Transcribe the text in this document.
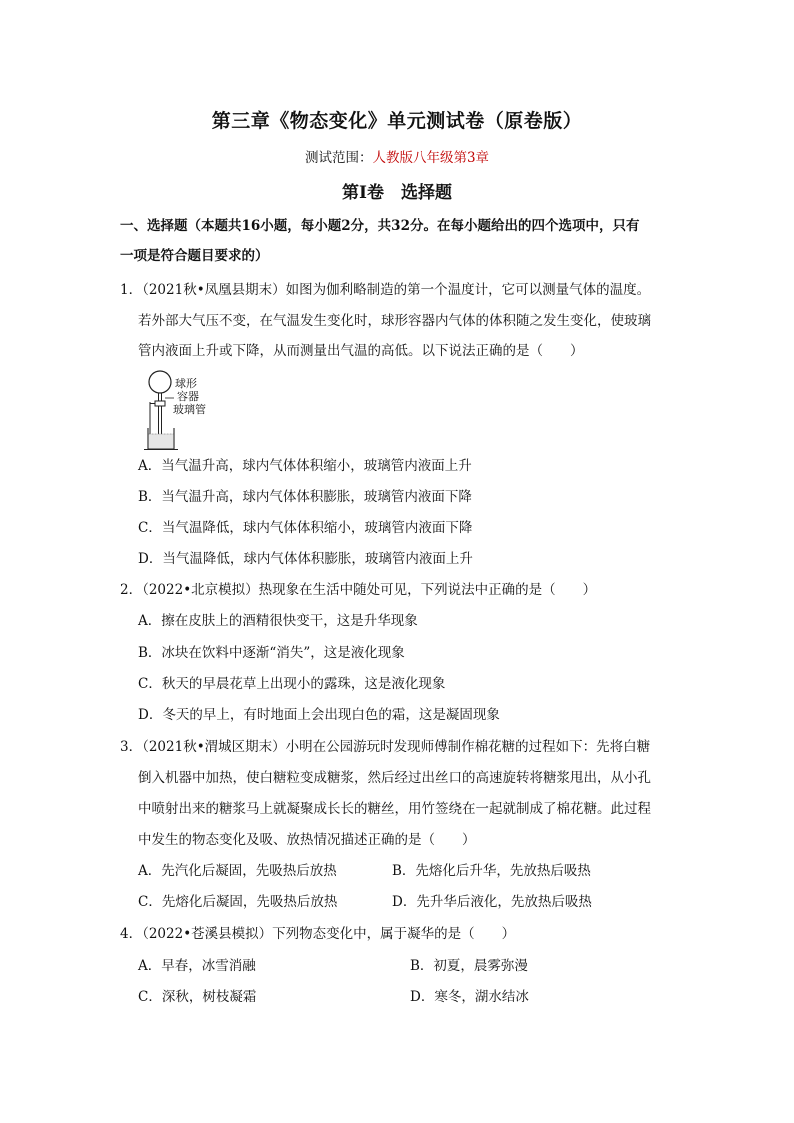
第三章《物态变化》单元测试卷（原卷版）
测试范围：人教版八年级第3章
第Ⅰ卷　选择题
一、选择题（本题共16小题，每小题2分，共32分。在每小题给出的四个选项中，只有
一项是符合题目要求的）
1．（2021秋•凤凰县期末）如图为伽利略制造的第一个温度计，它可以测量气体的温度。
若外部大气压不变，在气温发生变化时，球形容器内气体的体积随之发生变化，使玻璃
管内液面上升或下降，从而测量出气温的高低。以下说法正确的是（　　）
球形
容器
玻璃管
A．当气温升高，球内气体体积缩小，玻璃管内液面上升
B．当气温升高，球内气体体积膨胀，玻璃管内液面下降
C．当气温降低，球内气体体积缩小，玻璃管内液面下降
D．当气温降低，球内气体体积膨胀，玻璃管内液面上升
2．（2022•北京模拟）热现象在生活中随处可见，下列说法中正确的是（　　）
A．擦在皮肤上的酒精很快变干，这是升华现象
B．冰块在饮料中逐渐“消失”，这是液化现象
C．秋天的早晨花草上出现小的露珠，这是液化现象
D．冬天的早上，有时地面上会出现白色的霜，这是凝固现象
3．（2021秋•渭城区期末）小明在公园游玩时发现师傅制作棉花糖的过程如下：先将白糖
倒入机器中加热，使白糖粒变成糖浆，然后经过出丝口的高速旋转将糖浆甩出，从小孔
中喷射出来的糖浆马上就凝聚成长长的糖丝，用竹签绕在一起就制成了棉花糖。此过程
中发生的物态变化及吸、放热情况描述正确的是（　　）
A．先汽化后凝固，先吸热后放热	B．先熔化后升华，先放热后吸热
C．先熔化后凝固，先吸热后放热	D．先升华后液化，先放热后吸热
4．（2022•苍溪县模拟）下列物态变化中，属于凝华的是（　　）
A．早春，冰雪消融	B．初夏，晨雾弥漫
C．深秋，树枝凝霜	D．寒冬，湖水结冰
